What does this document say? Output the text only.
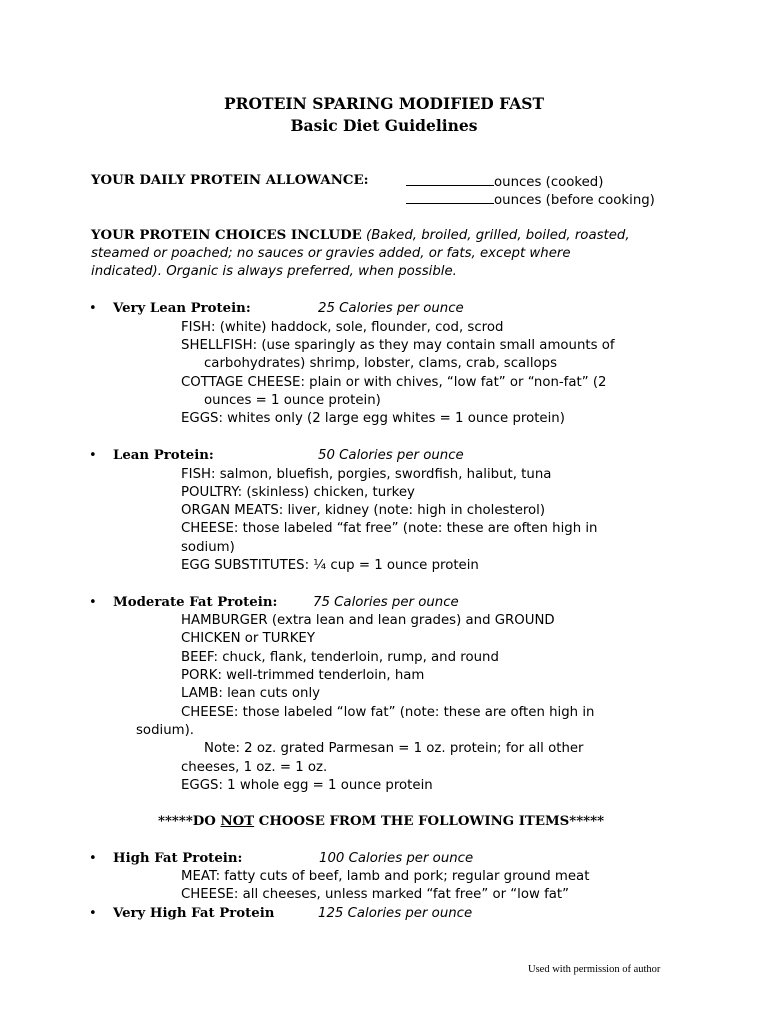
PROTEIN SPARING MODIFIED FAST
Basic Diet Guidelines
YOUR DAILY PROTEIN ALLOWANCE:	ounces (cooked)
ounces (before cooking)
YOUR PROTEIN CHOICES INCLUDE (Baked, broiled, grilled, boiled, roasted,
steamed or poached; no sauces or gravies added, or fats, except where
indicated). Organic is always preferred, when possible.
• Very Lean Protein:	25 Calories per ounce
FISH: (white) haddock, sole, flounder, cod, scrod
SHELLFISH: (use sparingly as they may contain small amounts of
carbohydrates) shrimp, lobster, clams, crab, scallops
COTTAGE CHEESE: plain or with chives, “low fat” or “non-fat” (2
ounces = 1 ounce protein)
EGGS: whites only (2 large egg whites = 1 ounce protein)
• Lean Protein:	50 Calories per ounce
FISH: salmon, bluefish, porgies, swordfish, halibut, tuna
POULTRY: (skinless) chicken, turkey
ORGAN MEATS: liver, kidney (note: high in cholesterol)
CHEESE: those labeled “fat free” (note: these are often high in
sodium)
EGG SUBSTITUTES: ¼ cup = 1 ounce protein
• Moderate Fat Protein:	75 Calories per ounce
HAMBURGER (extra lean and lean grades) and GROUND
CHICKEN or TURKEY
BEEF: chuck, flank, tenderloin, rump, and round
PORK: well-trimmed tenderloin, ham
LAMB: lean cuts only
CHEESE: those labeled “low fat” (note: these are often high in
sodium).
Note: 2 oz. grated Parmesan = 1 oz. protein; for all other
cheeses, 1 oz. = 1 oz.
EGGS: 1 whole egg = 1 ounce protein
*****DO NOT CHOOSE FROM THE FOLLOWING ITEMS*****
• High Fat Protein:	100 Calories per ounce
MEAT: fatty cuts of beef, lamb and pork; regular ground meat
CHEESE: all cheeses, unless marked “fat free” or “low fat”
• Very High Fat Protein	125 Calories per ounce
Used with permission of author
